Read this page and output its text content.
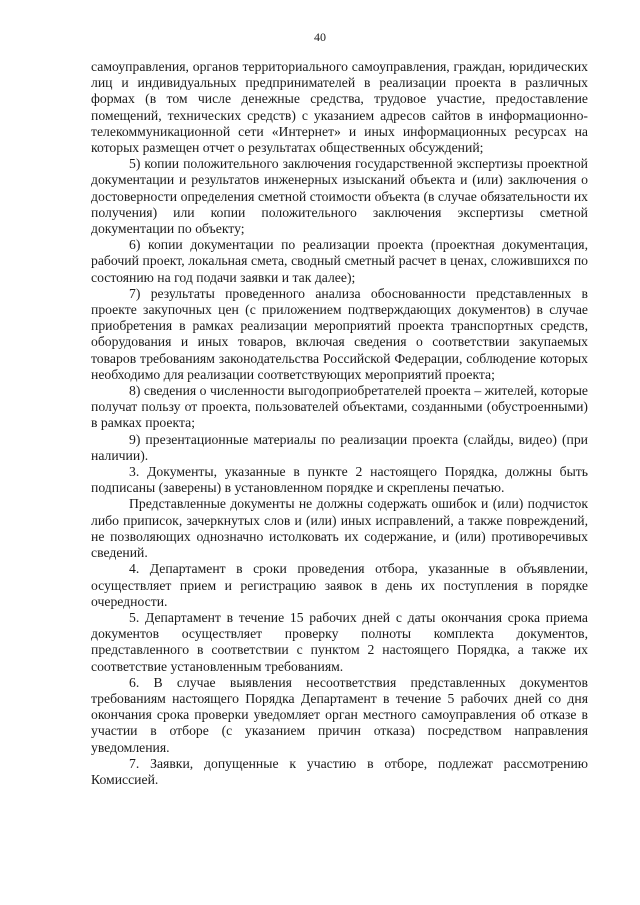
40

самоуправления, органов территориального самоуправления, граждан, юридических лиц и индивидуальных предпринимателей в реализации проекта в различных формах (в том числе денежные средства, трудовое участие, предоставление помещений, технических средств) с указанием адресов сайтов в информационно-телекоммуникационной сети «Интернет» и иных информационных ресурсах на которых размещен отчет о результатах общественных обсуждений;

5) копии положительного заключения государственной экспертизы проектной документации и результатов инженерных изысканий объекта и (или) заключения о достоверности определения сметной стоимости объекта (в случае обязательности их получения) или копии положительного заключения экспертизы сметной документации по объекту;

6) копии документации по реализации проекта (проектная документация, рабочий проект, локальная смета, сводный сметный расчет в ценах, сложившихся по состоянию на год подачи заявки и так далее);

7) результаты проведенного анализа обоснованности представленных в проекте закупочных цен (с приложением подтверждающих документов) в случае приобретения в рамках реализации мероприятий проекта транспортных средств, оборудования и иных товаров, включая сведения о соответствии закупаемых товаров требованиям законодательства Российской Федерации, соблюдение которых необходимо для реализации соответствующих мероприятий проекта;

8) сведения о численности выгодоприобретателей проекта – жителей, которые получат пользу от проекта, пользователей объектами, созданными (обустроенными) в рамках проекта;

9) презентационные материалы по реализации проекта (слайды, видео) (при наличии).

3. Документы, указанные в пункте 2 настоящего Порядка, должны быть подписаны (заверены) в установленном порядке и скреплены печатью.

Представленные документы не должны содержать ошибок и (или) подчисток либо приписок, зачеркнутых слов и (или) иных исправлений, а также повреждений, не позволяющих однозначно истолковать их содержание, и (или) противоречивых сведений.

4. Департамент в сроки проведения отбора, указанные в объявлении, осуществляет прием и регистрацию заявок в день их поступления в порядке очередности.

5. Департамент в течение 15 рабочих дней с даты окончания срока приема документов осуществляет проверку полноты комплекта документов, представленного в соответствии с пунктом 2 настоящего Порядка, а также их соответствие установленным требованиям.

6. В случае выявления несоответствия представленных документов требованиям настоящего Порядка Департамент в течение 5 рабочих дней со дня окончания срока проверки уведомляет орган местного самоуправления об отказе в участии в отборе (с указанием причин отказа) посредством направления уведомления.

7. Заявки, допущенные к участию в отборе, подлежат рассмотрению Комиссией.
